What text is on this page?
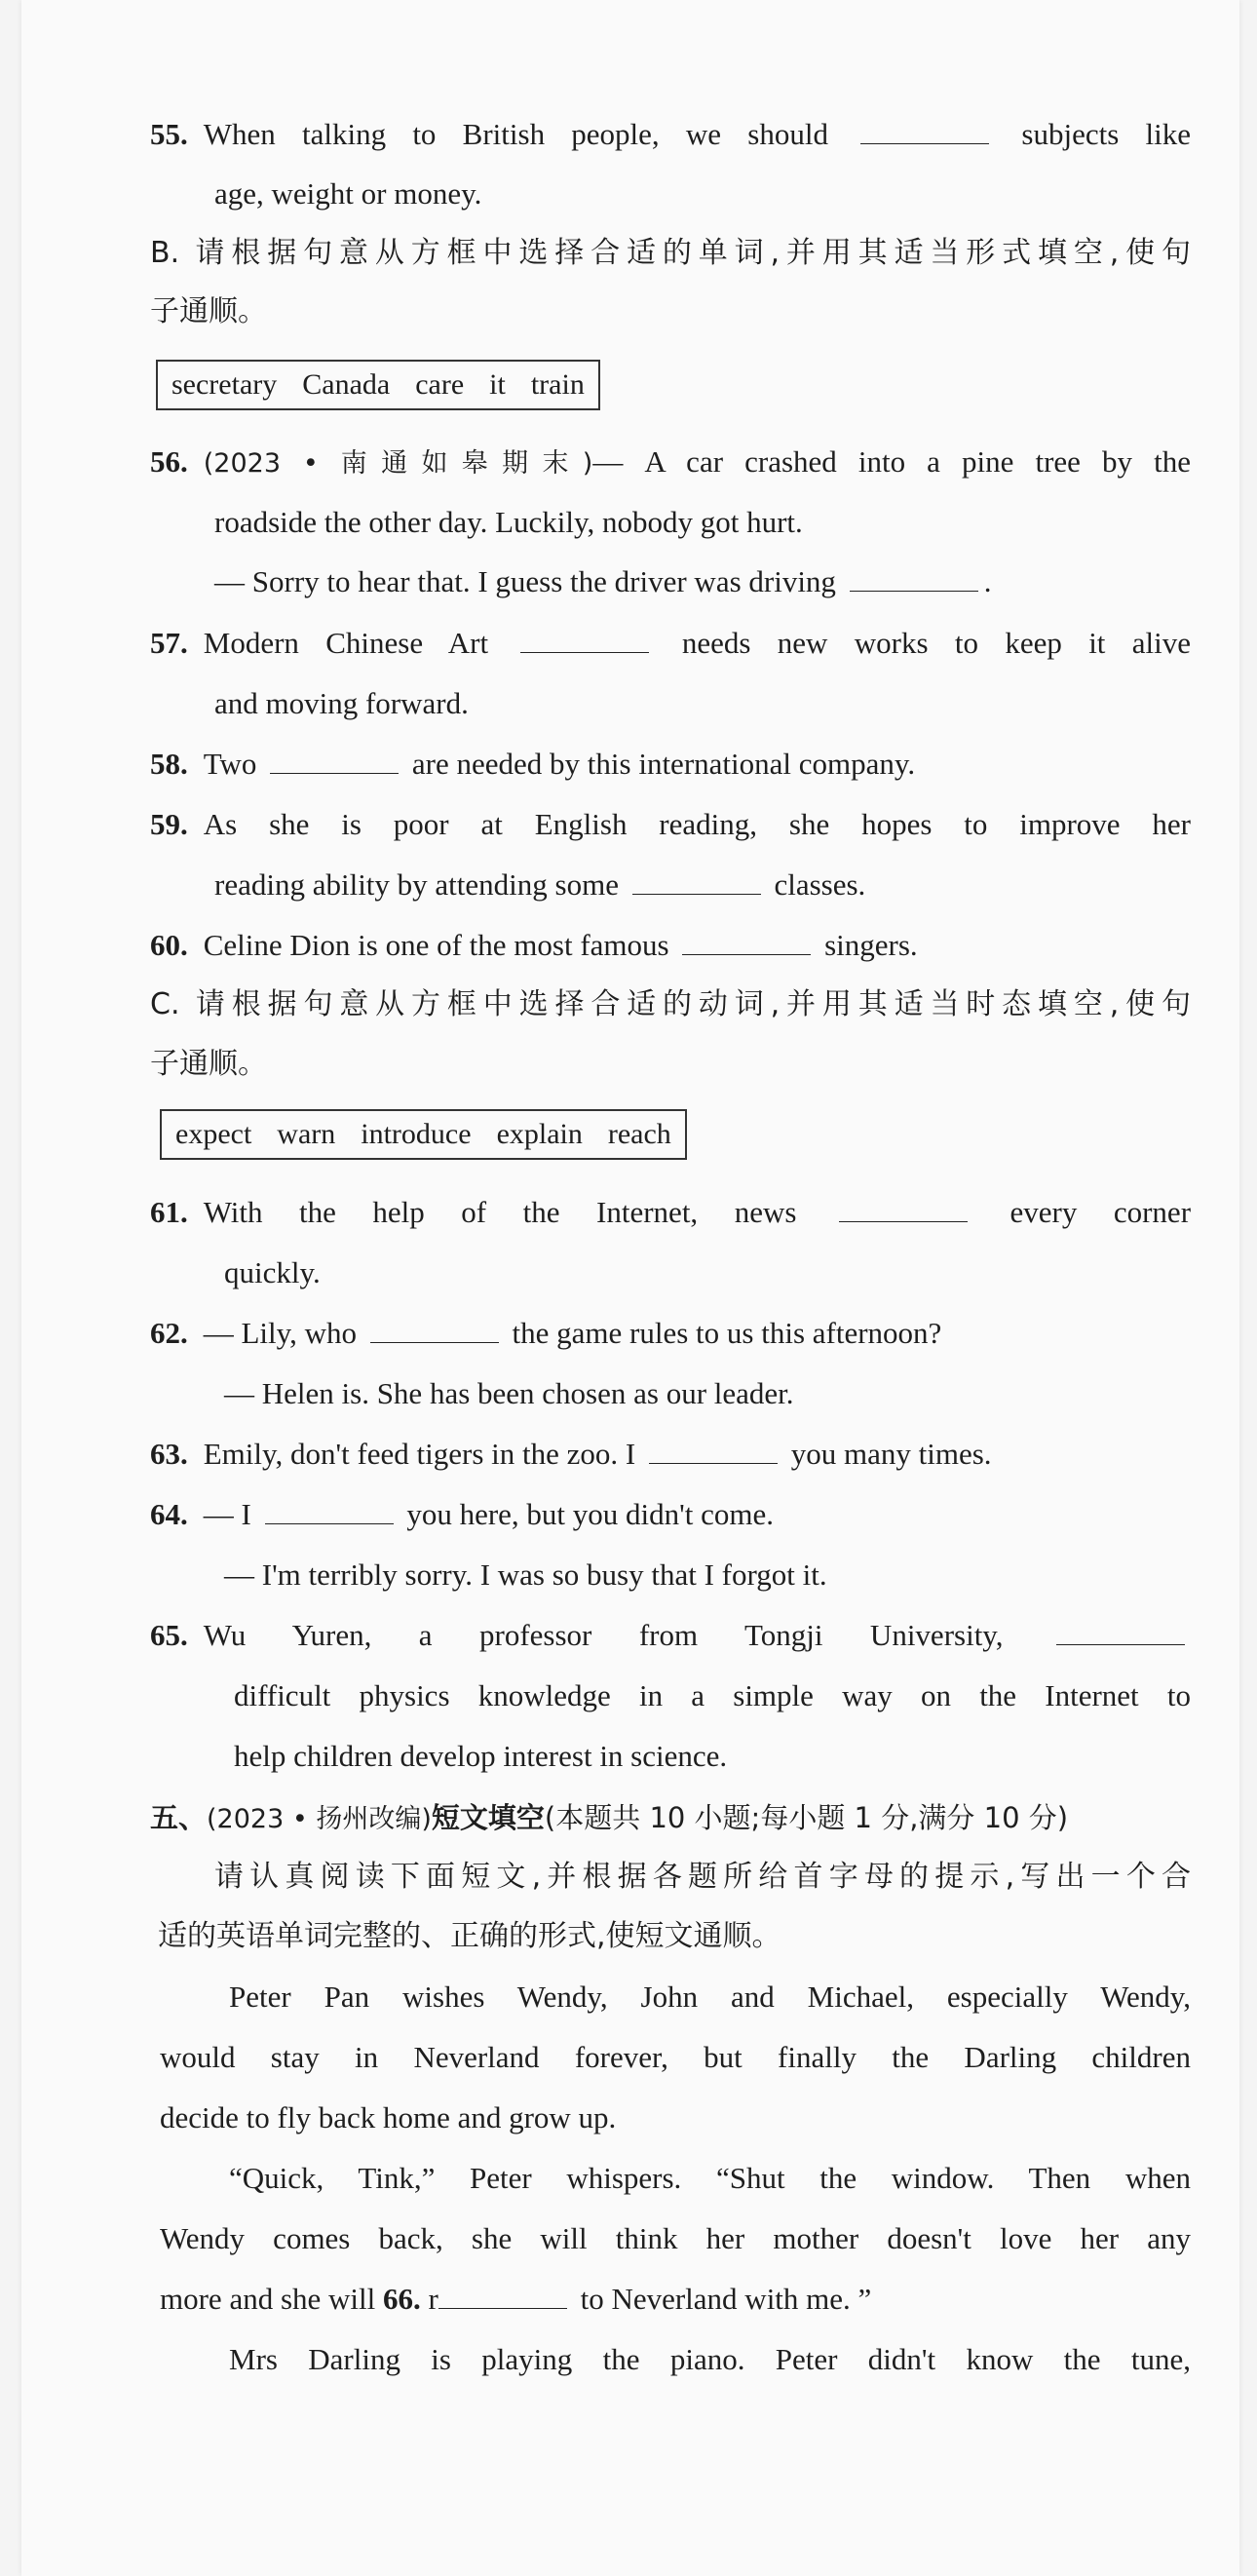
55. When talking to British people, we should	subjects like
age, weight or money.
B. 请根据句意从方框中选择合适的单词,并用其适当形式填空,使句
子通顺。
secretary Canada care it train
56. (2023 • 南通如皋期末)— A car crashed into a pine tree by the
roadside the other day. Luckily, nobody got hurt.
— Sorry to hear that. I guess the driver was driving	.
57. Modern Chinese Art	needs new works to keep it alive
and moving forward.
58. Two	are needed by this international company.
59. As she is poor at English reading, she hopes to improve her
reading ability by attending some	classes.
60. Celine Dion is one of the most famous	singers.
C. 请根据句意从方框中选择合适的动词,并用其适当时态填空,使句
子通顺。
expect warn introduce explain reach
61. With the help of the Internet, news	every corner
quickly.
62. — Lily, who	the game rules to us this afternoon?
— Helen is. She has been chosen as our leader.
63. Emily, don't feed tigers in the zoo. I	you many times.
64. — I	you here, but you didn't come.
— I'm terribly sorry. I was so busy that I forgot it.
65. Wu Yuren, a professor from Tongji University,
difficult physics knowledge in a simple way on the Internet to
help children develop interest in science.
五、(2023 • 扬州改编)短文填空(本题共 10 小题;每小题 1 分,满分 10 分)
请认真阅读下面短文,并根据各题所给首字母的提示,写出一个合
适的英语单词完整的、正确的形式,使短文通顺。
Peter Pan wishes Wendy, John and Michael, especially Wendy,
would stay in Neverland forever, but finally the Darling children
decide to fly back home and grow up.
“Quick, Tink,” Peter whispers. “Shut the window. Then when
Wendy comes back, she will think her mother doesn't love her any
more and she will 66. r	to Neverland with me. ”
Mrs Darling is playing the piano. Peter didn't know the tune,
